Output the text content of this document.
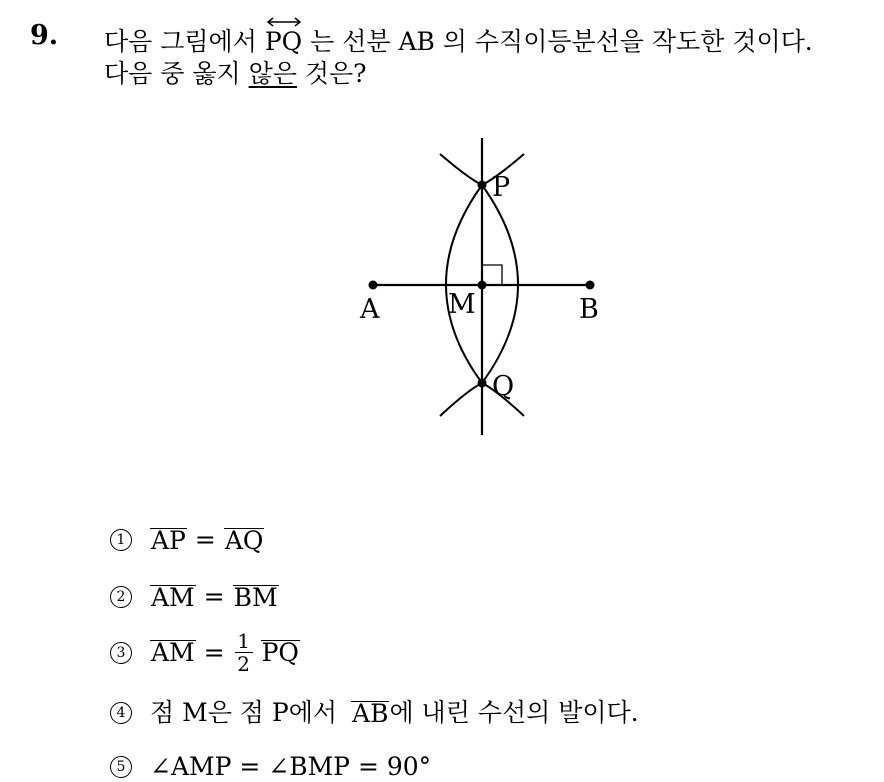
9. 다음 그림에서 PQ 는 선분 AB 의 수직이등분선을 작도한 것이다.
다음 중 옳지 않은 것은?
P
Q
A	B
M
1 AP = AQ
2 AM = BM
3 AM = $\frac{1}{2}$ PQ
4 점 M은 점 P에서 AB 에 내린 수선의 발이다.
5 ∠AMP = ∠BMP = 90°
